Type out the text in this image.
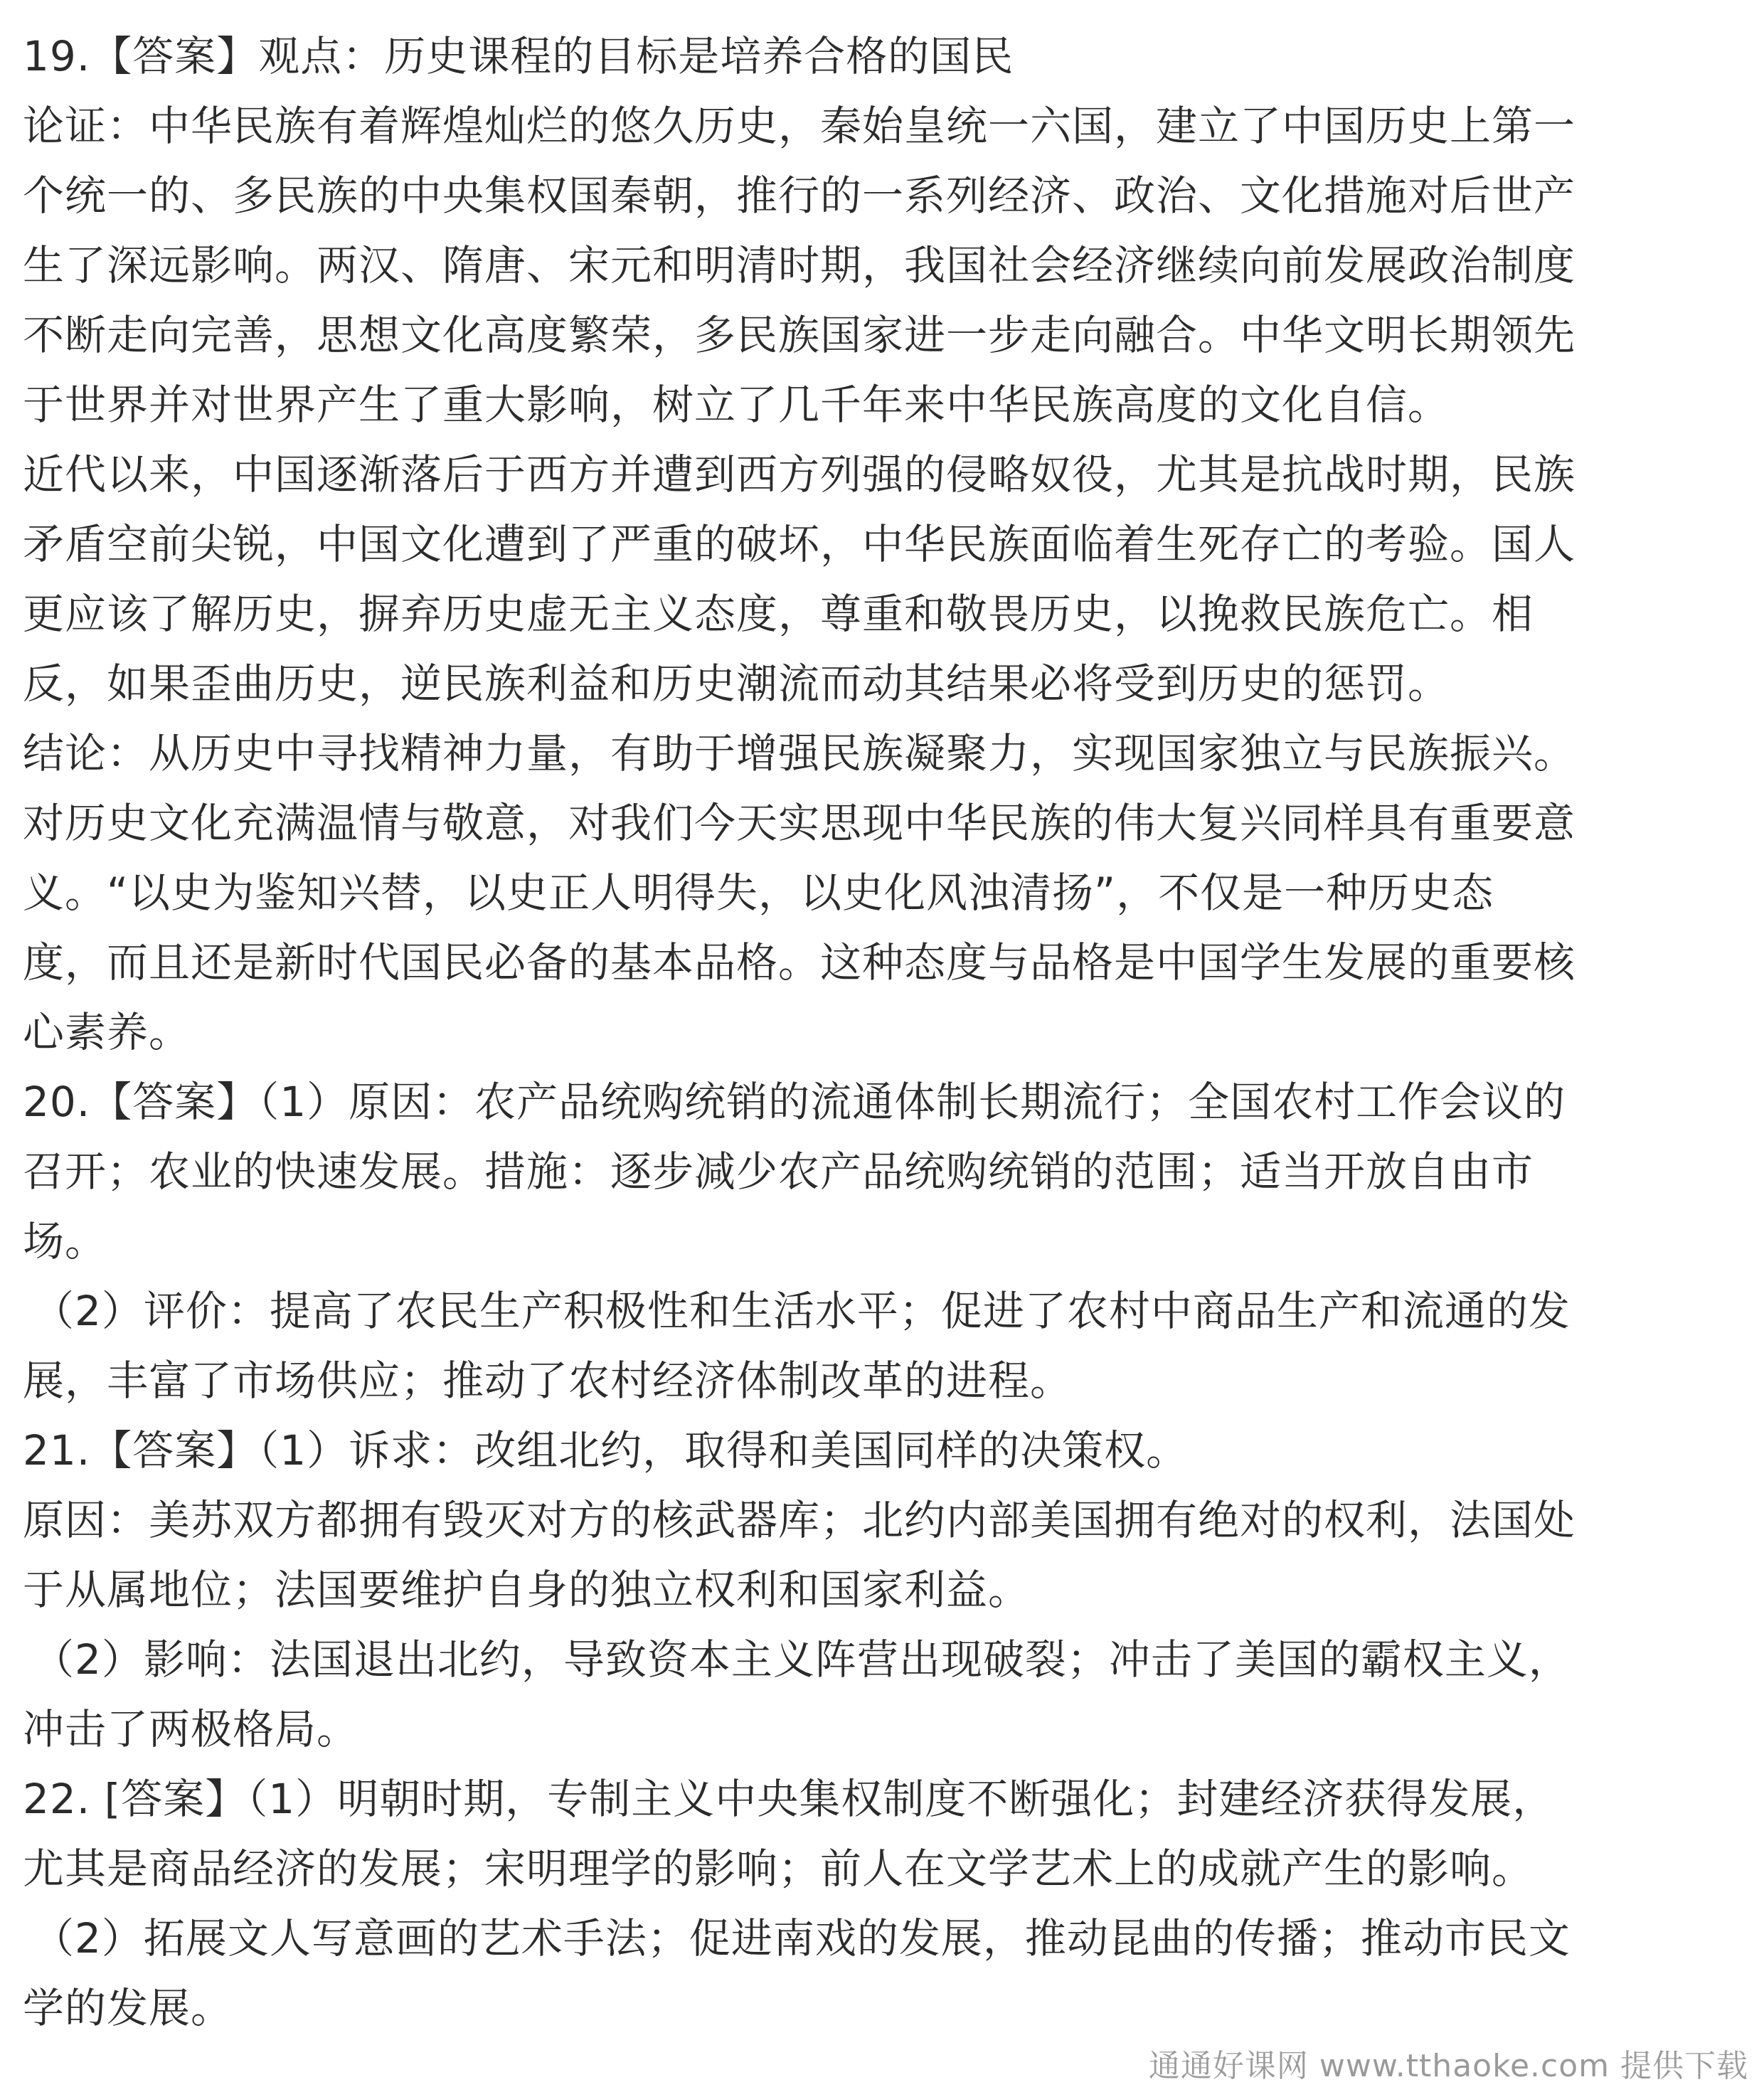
19.【答案】观点：历史课程的目标是培养合格的国民
论证：中华民族有着辉煌灿烂的悠久历史，秦始皇统一六国，建立了中国历史上第一
个统一的、多民族的中央集权国秦朝，推行的一系列经济、政治、文化措施对后世产
生了深远影响。两汉、隋唐、宋元和明清时期，我国社会经济继续向前发展政治制度
不断走向完善，思想文化高度繁荣，多民族国家进一步走向融合。中华文明长期领先
于世界并对世界产生了重大影响，树立了几千年来中华民族高度的文化自信。
近代以来，中国逐渐落后于西方并遭到西方列强的侵略奴役，尤其是抗战时期，民族
矛盾空前尖锐，中国文化遭到了严重的破坏，中华民族面临着生死存亡的考验。国人
更应该了解历史，摒弃历史虚无主义态度，尊重和敬畏历史，以挽救民族危亡。相
反，如果歪曲历史，逆民族利益和历史潮流而动其结果必将受到历史的惩罚。
结论：从历史中寻找精神力量，有助于增强民族凝聚力，实现国家独立与民族振兴。
对历史文化充满温情与敬意，对我们今天实思现中华民族的伟大复兴同样具有重要意
义。“以史为鉴知兴替，以史正人明得失，以史化风浊清扬”，不仅是一种历史态
度，而且还是新时代国民必备的基本品格。这种态度与品格是中国学生发展的重要核
心素养。
20.【答案】（1）原因：农产品统购统销的流通体制长期流行；全国农村工作会议的
召开；农业的快速发展。措施：逐步减少农产品统购统销的范围；适当开放自由市
场。
（2）评价：提高了农民生产积极性和生活水平；促进了农村中商品生产和流通的发
展，丰富了市场供应；推动了农村经济体制改革的进程。
21.【答案】（1）诉求：改组北约，取得和美国同样的决策权。
原因：美苏双方都拥有毁灭对方的核武器库；北约内部美国拥有绝对的权利，法国处
于从属地位；法国要维护自身的独立权利和国家利益。
（2）影响：法国退出北约，导致资本主义阵营出现破裂；冲击了美国的霸权主义，
冲击了两极格局。
22. [答案】（1）明朝时期，专制主义中央集权制度不断强化；封建经济获得发展，
尤其是商品经济的发展；宋明理学的影响；前人在文学艺术上的成就产生的影响。
（2）拓展文人写意画的艺术手法；促进南戏的发展，推动昆曲的传播；推动市民文
学的发展。
通通好课网 www.tthaoke.com 提供下载
